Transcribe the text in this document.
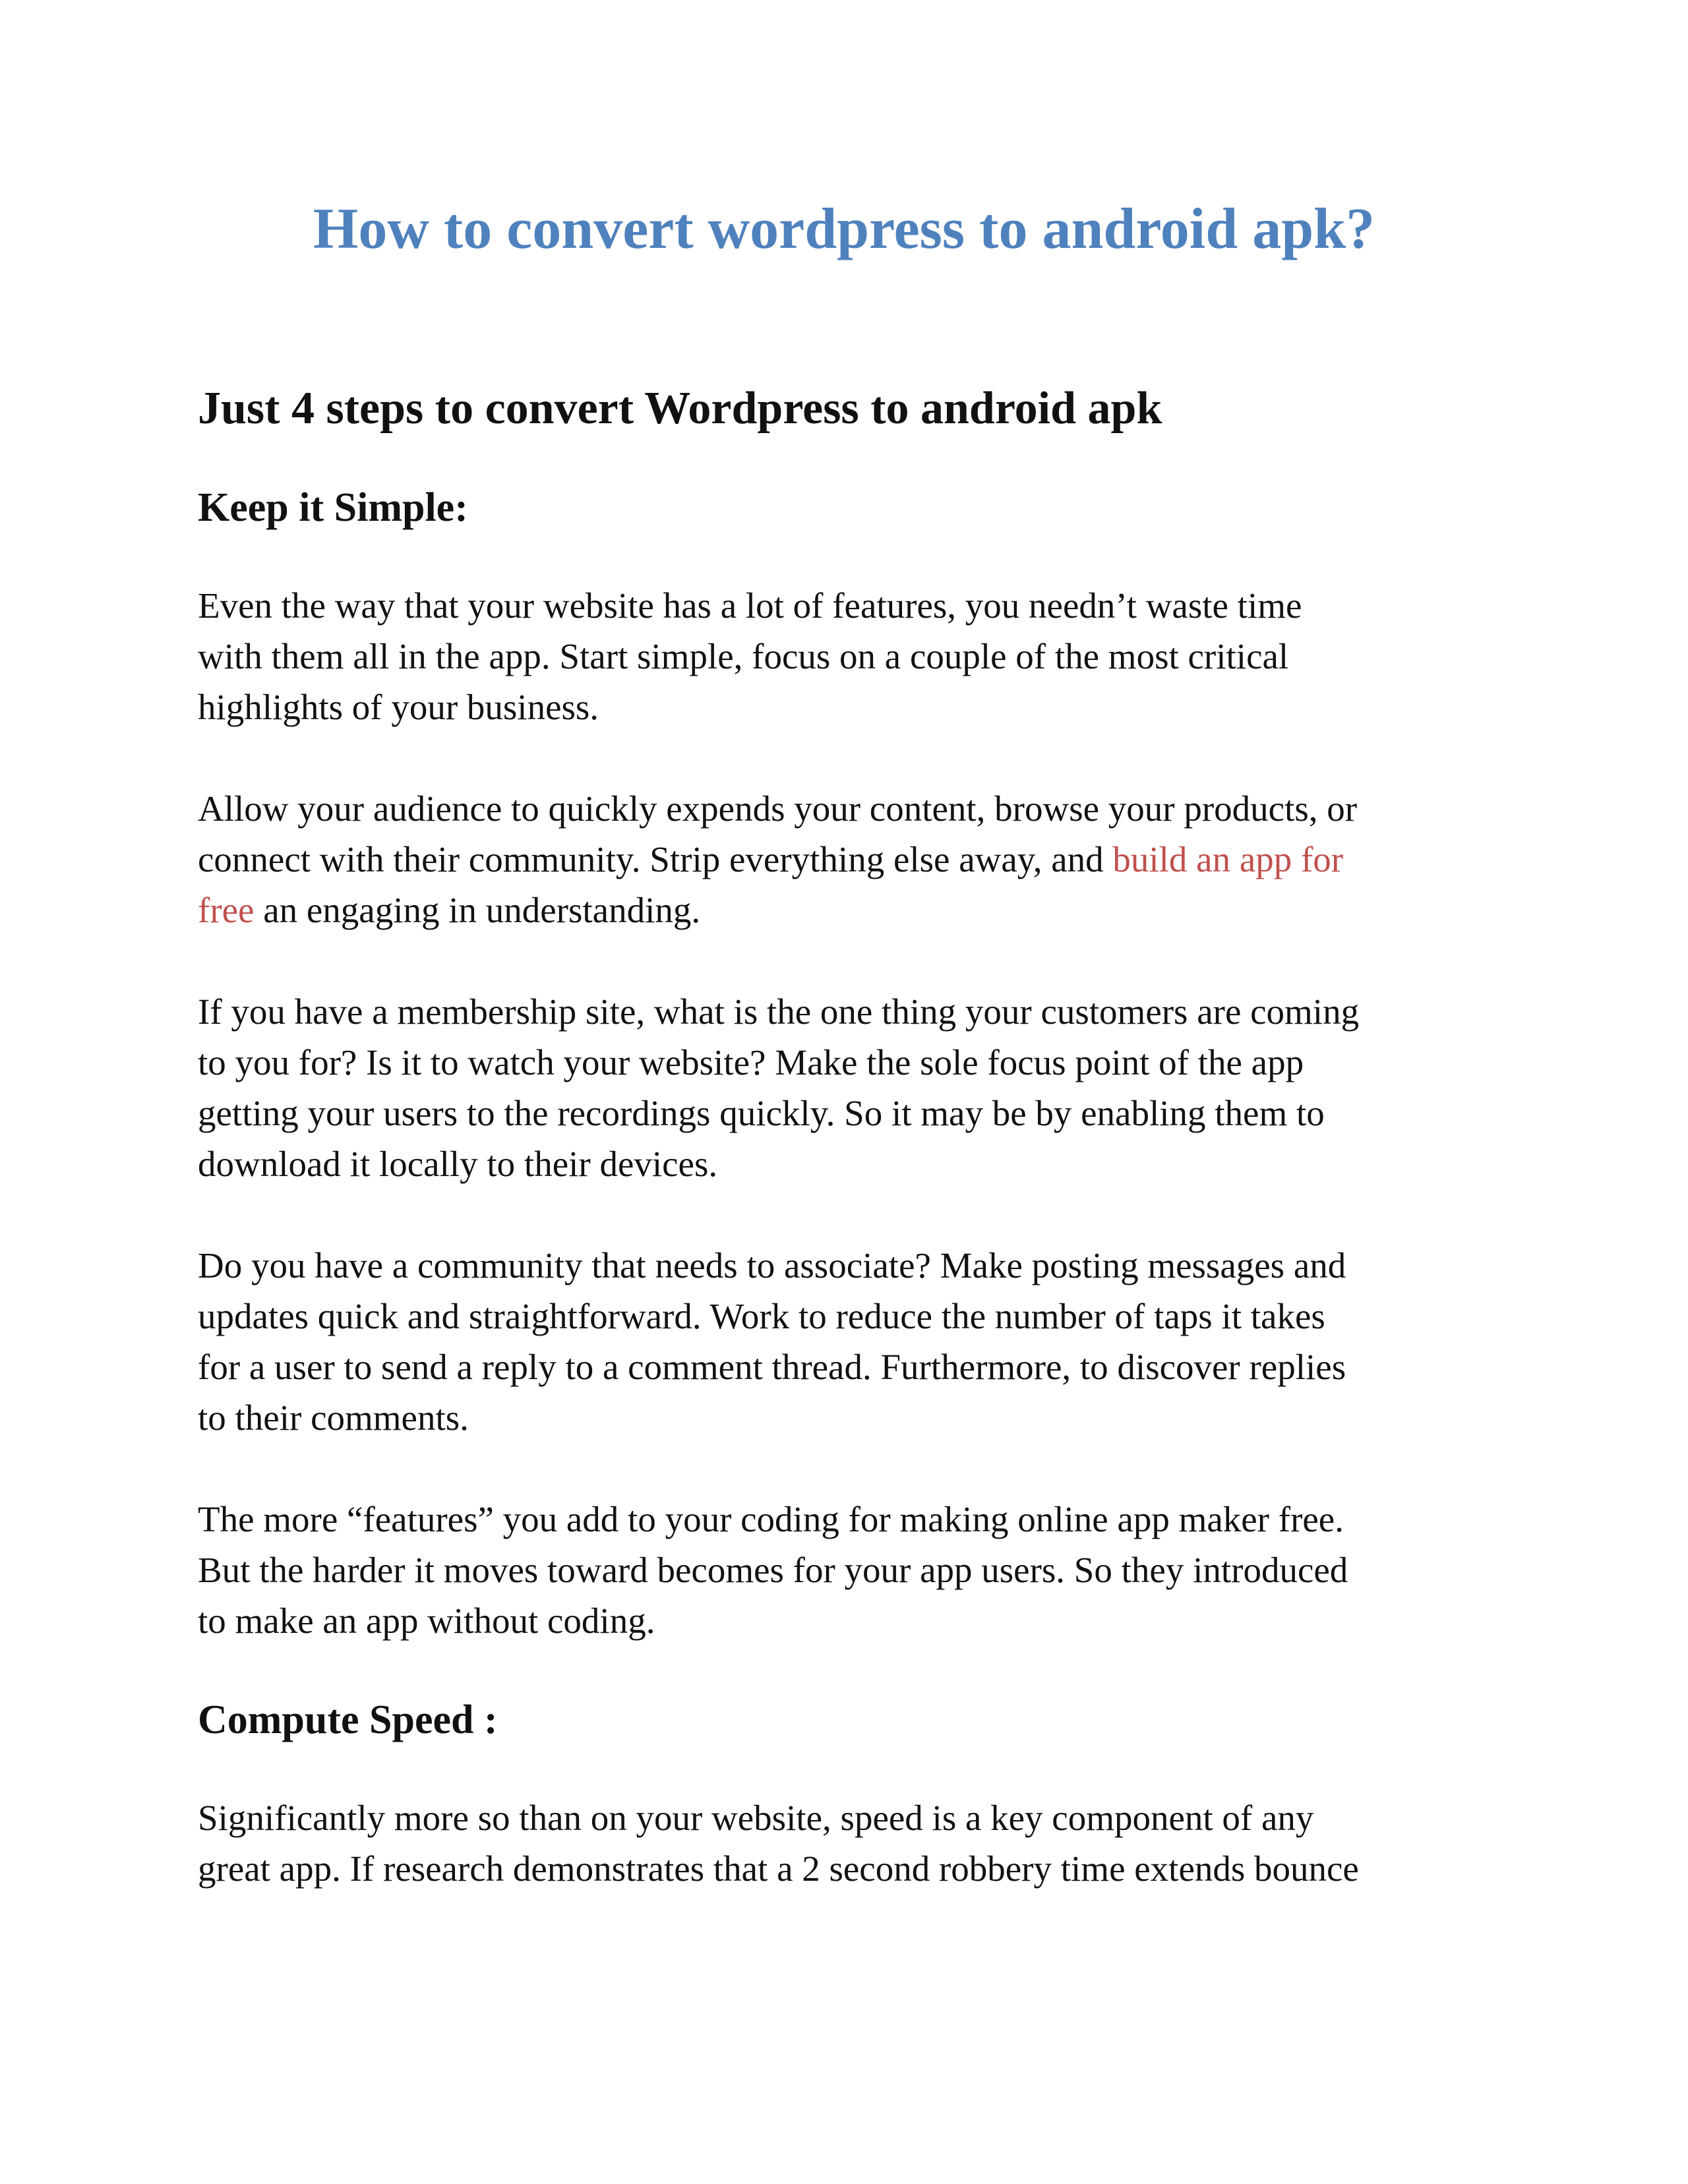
How to convert wordpress to android apk?
Just 4 steps to convert Wordpress to android apk
Keep it Simple:

Even the way that your website has a lot of features, you needn’t waste time
with them all in the app. Start simple, focus on a couple of the most critical
highlights of your business.

Allow your audience to quickly expends your content, browse your products, or
connect with their community. Strip everything else away, and build an app for
free an engaging in understanding.

If you have a membership site, what is the one thing your customers are coming
to you for? Is it to watch your website? Make the sole focus point of the app
getting your users to the recordings quickly. So it may be by enabling them to
download it locally to their devices.

Do you have a community that needs to associate? Make posting messages and
updates quick and straightforward. Work to reduce the number of taps it takes
for a user to send a reply to a comment thread. Furthermore, to discover replies
to their comments.

The more “features” you add to your coding for making online app maker free.
But the harder it moves toward becomes for your app users. So they introduced
to make an app without coding.

Compute Speed :

Significantly more so than on your website, speed is a key component of any
great app. If research demonstrates that a 2 second robbery time extends bounce
